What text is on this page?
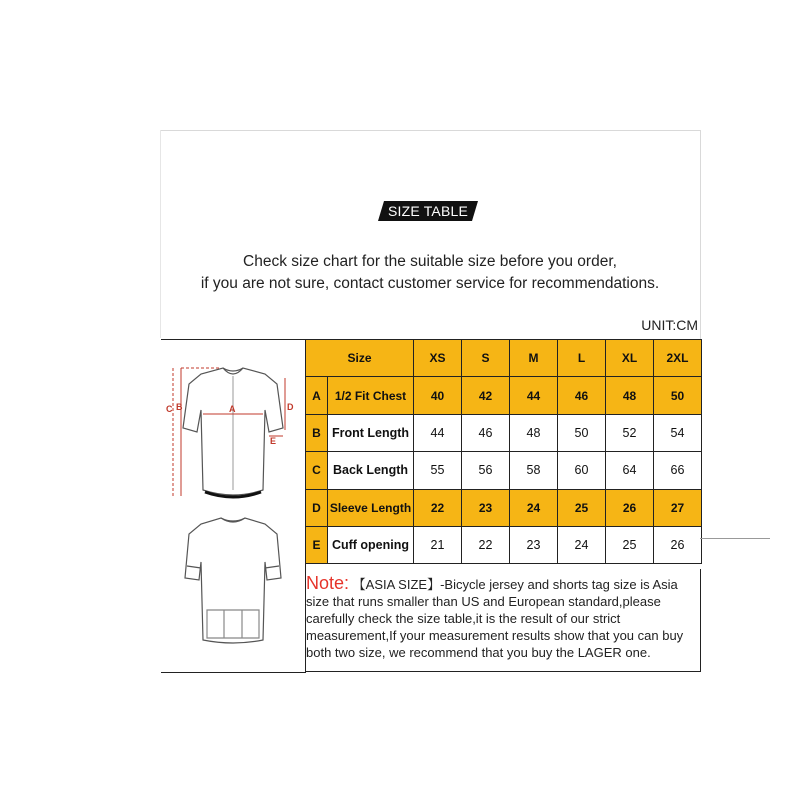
SIZE TABLE
Check size chart for the suitable size before you order,
if you are not sure, contact customer service for recommendations.
UNIT:CM
A
B
C	D
E
Size		XS	S	M	L	XL	2XL
A	1/2 Fit Chest	40	42	44	46	48	50
B	Front Length	44	46	48	50	52	54
C	Back Length	55	56	58	60	64	66
D	Sleeve Length	22	23	24	25	26	27
E	Cuff opening	21	22	23	24	25	26
Note: 【ASIA SIZE】-Bicycle jersey and shorts tag size is Asia size that runs smaller than US and European standard,please carefully check the size table,it is the result of our strict measurement,If your measurement results show that you can buy both two size, we recommend that you buy the LAGER one.
